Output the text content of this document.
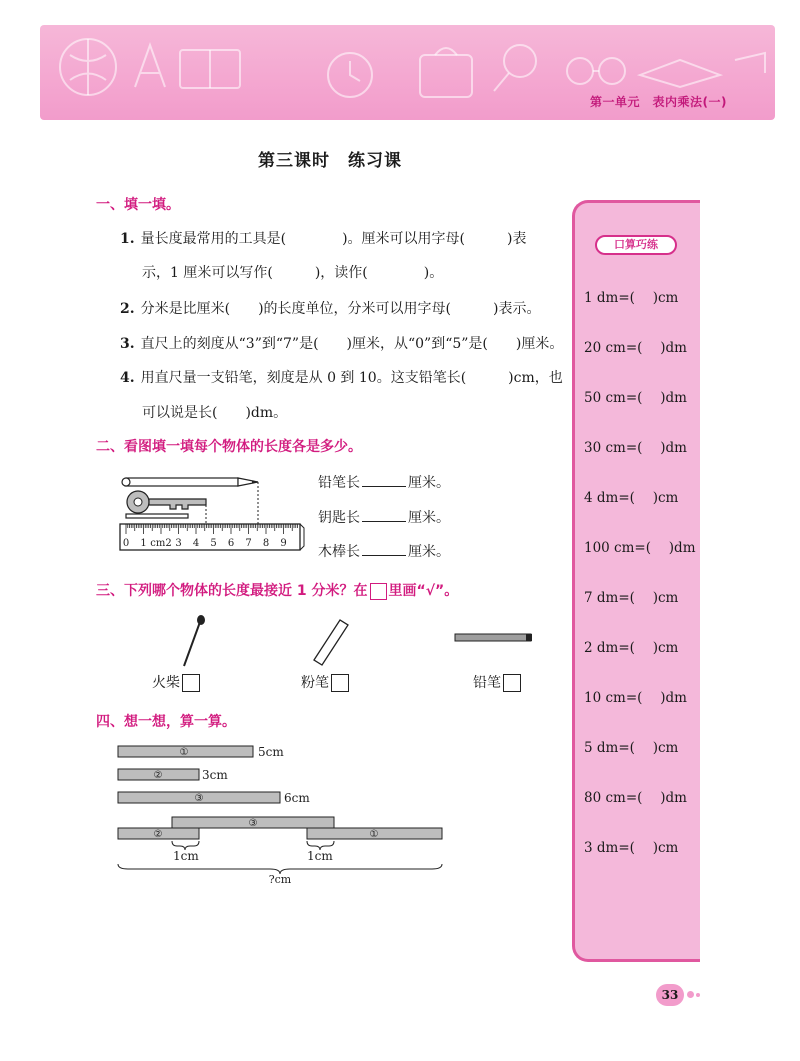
第一单元　表内乘法(一)
第三课时　练习课
一、填一填。
1. 量长度最常用的工具是(　　　　)。厘米可以用字母(　　　)表
示，1 厘米可以写作(　　　)，读作(　　　　)。
2. 分米是比厘米(　　)的长度单位，分米可以用字母(　　　)表示。
3. 直尺上的刻度从“3”到“7”是(　　)厘米，从“0”到“5”是(　　)厘米。
4. 用直尺量一支铅笔，刻度是从 0 到 10。这支铅笔长(　　　)cm，也
可以说是长(　　)dm。
二、看图填一填每个物体的长度各是多少。
0 1 cm2 3 4 5 6 7 8 9
铅笔长	厘米。
钥匙长	厘米。
木棒长	厘米。
三、下列哪个物体的长度最接近 1 分米？在 里画“√”。
火柴	粉笔	铅笔
四、想一想，算一算。
①	5cm
②	3cm
③	6cm
②
③
①
1cm	1cm
?cm
口算巧练
1 dm=(　 )cm
20 cm=(　 )dm
50 cm=(　 )dm
30 cm=(　 )dm
4 dm=(　 )cm
100 cm=(　 )dm
7 dm=(　 )cm
2 dm=(　 )cm
10 cm=(　 )dm
5 dm=(　 )cm
80 cm=(　 )dm
3 dm=(　 )cm
33
